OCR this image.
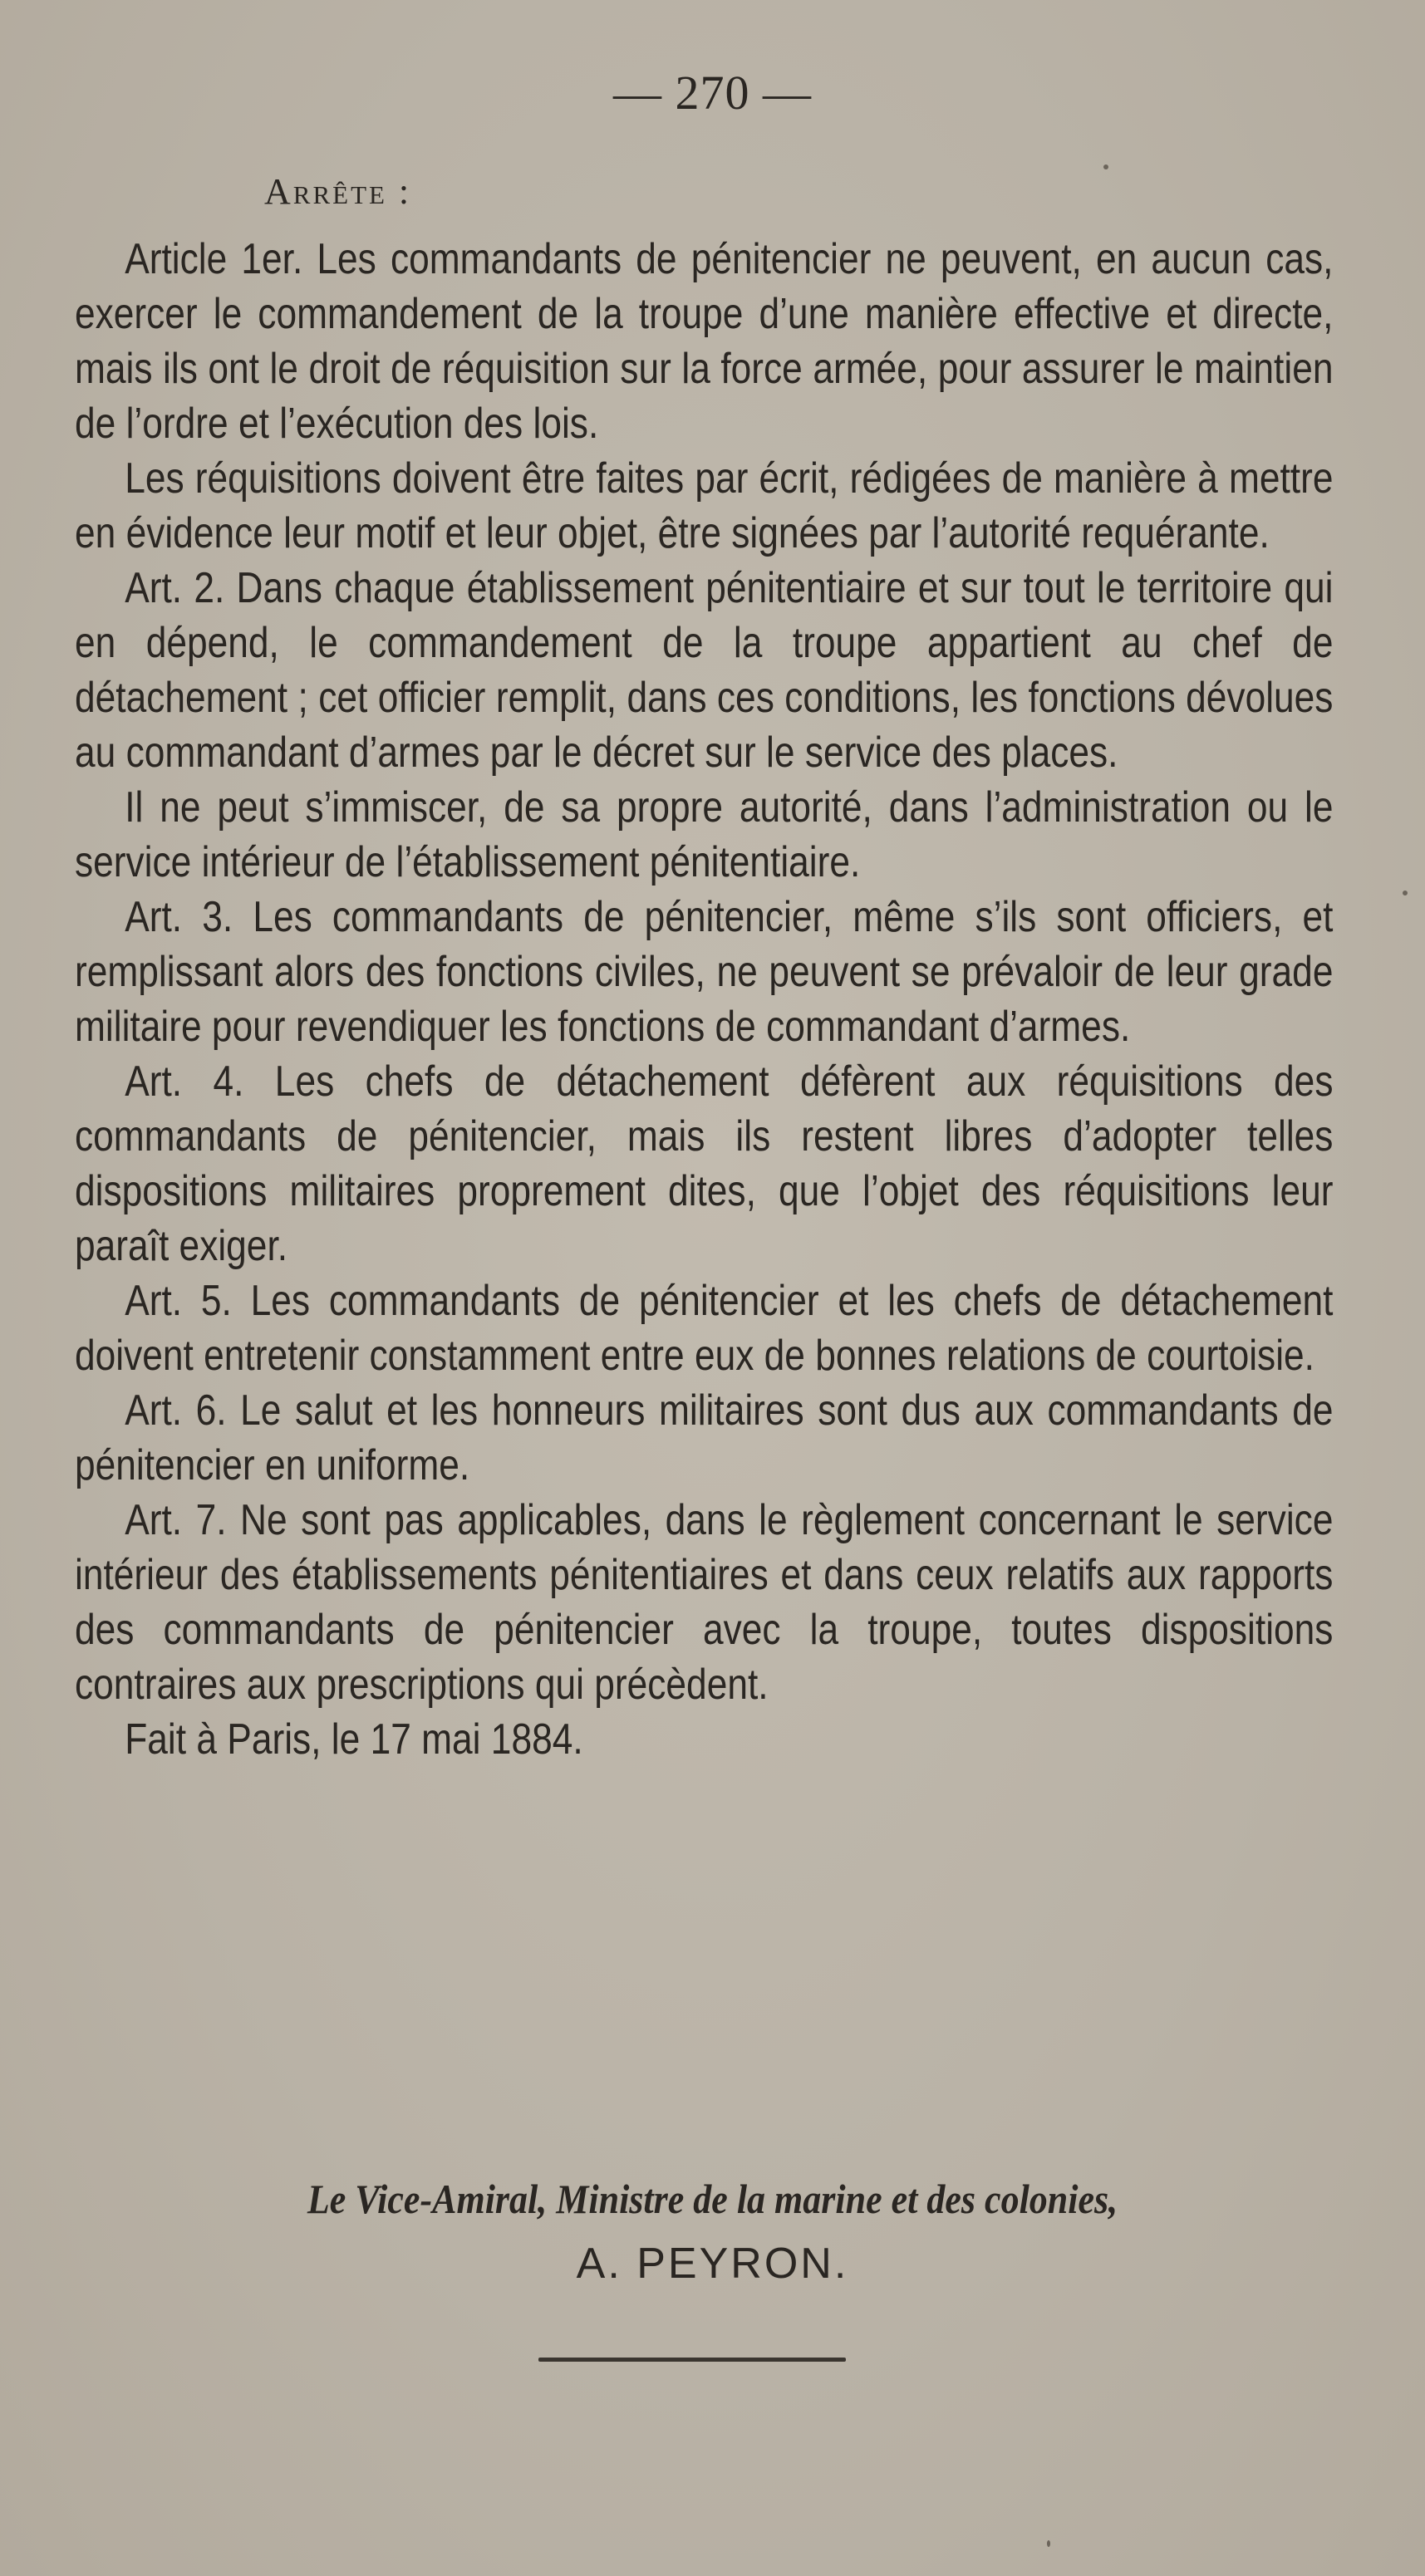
— 270 —
Arrête :

Article 1er. Les commandants de pénitencier ne peuvent, en aucun cas, exercer le commandement de la troupe d’une manière effective et directe, mais ils ont le droit de réquisition sur la force armée, pour assurer le maintien de l’ordre et l’exécution des lois.

Les réquisitions doivent être faites par écrit, rédigées de manière à mettre en évidence leur motif et leur objet, être signées par l’autorité requérante.

Art. 2. Dans chaque établissement pénitentiaire et sur tout le territoire qui en dépend, le commandement de la troupe appartient au chef de détachement ; cet officier remplit, dans ces conditions, les fonctions dévolues au commandant d’armes par le décret sur le service des places.

Il ne peut s’immiscer, de sa propre autorité, dans l’administration ou le service intérieur de l’établissement pénitentiaire.

Art. 3. Les commandants de pénitencier, même s’ils sont officiers, et remplissant alors des fonctions civiles, ne peuvent se prévaloir de leur grade militaire pour revendiquer les fonctions de commandant d’armes.

Art. 4. Les chefs de détachement défèrent aux réquisitions des commandants de pénitencier, mais ils restent libres d’adopter telles dispositions militaires proprement dites, que l’objet des réquisitions leur paraît exiger.

Art. 5. Les commandants de pénitencier et les chefs de détachement doivent entretenir constamment entre eux de bonnes relations de courtoisie.

Art. 6. Le salut et les honneurs militaires sont dus aux commandants de pénitencier en uniforme.

Art. 7. Ne sont pas applicables, dans le règlement concernant le service intérieur des établissements pénitentiaires et dans ceux relatifs aux rapports des commandants de pénitencier avec la troupe, toutes dispositions contraires aux prescriptions qui précèdent.

Fait à Paris, le 17 mai 1884.

Le Vice-Amiral, Ministre de la marine et des colonies,
A. PEYRON.
